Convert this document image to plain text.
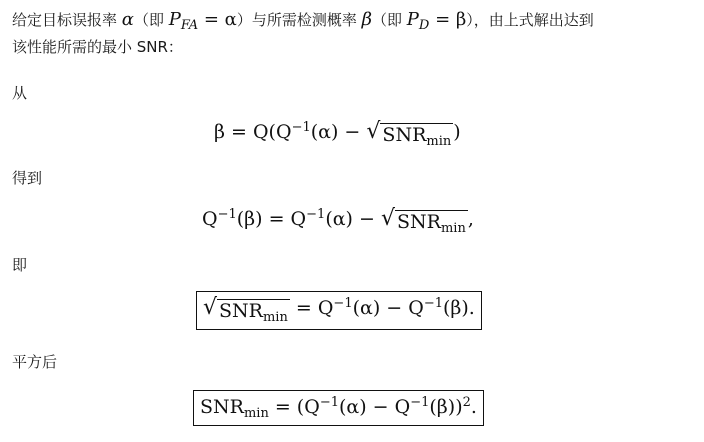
给定目标误报率 α（即 $P_{FA} = \alpha$）与所需检测概率 β（即 $P_D = \beta$），由上式解出达到
该性能所需的最小 SNR：
从
$\beta = Q(Q^{-1}(\alpha)$ − √ $SNR_{min}$ )
得到
$Q^{-1}(\beta) = Q^{-1}(\alpha)$ − √ $SNR_{min}$ ,
即
√ $SNR_{min} = Q^{-1}(\alpha) - Q^{-1}(\beta)$.
平方后
$SNR_{min} = (Q^{-1}(\alpha) - Q^{-1}(\beta))^2$.
